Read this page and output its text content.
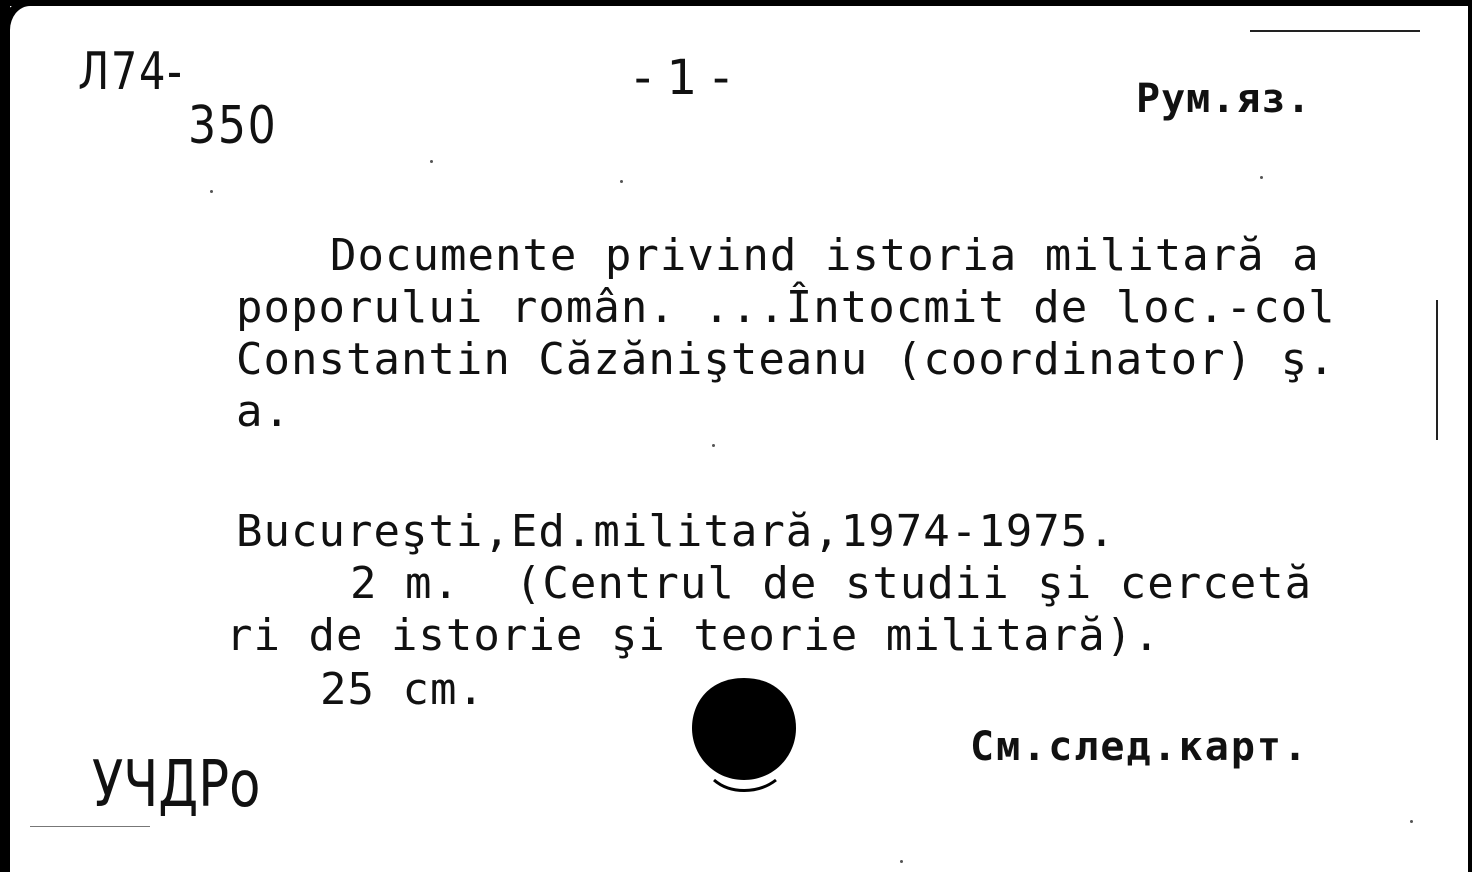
Л74-
350
- 1 -	Рум.яз.
Documente privind istoria militară a
poporului român. ...Întocmit de loc.-col
Constantin Căzănişteanu (coordinator) ş.
a.
Bucureşti,Ed.militară,1974-1975.
2 m.  (Centrul de studii şi cercetă
ri de istorie şi teorie militară).
25 cm.
См.след.карт.
УЧДРо
